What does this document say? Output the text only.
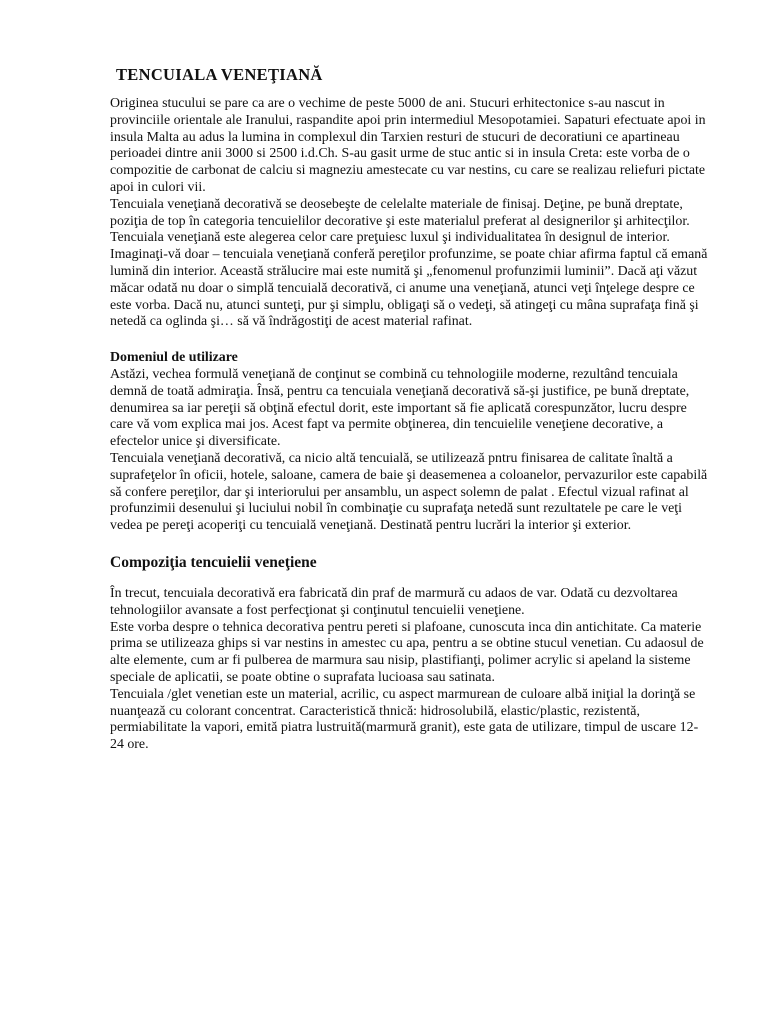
TENCUIALA VENEŢIANĂ

Originea stucului se pare ca are o vechime de peste 5000 de ani. Stucuri erhitectonice s-au nascut in provinciile orientale ale Iranului, raspandite apoi prin intermediul Mesopotamiei. Sapaturi efectuate apoi in insula Malta au adus la lumina in complexul din Tarxien resturi de stucuri de decoratiuni ce apartineau perioadei dintre anii 3000 si 2500 i.d.Ch. S-au gasit urme de stuc antic si in insula Creta: este vorba de o compozitie de carbonat de calciu si magneziu amestecate cu var nestins, cu care se realizau reliefuri pictate apoi in culori vii.

Tencuiala veneţiană decorativă se deosebeşte de celelalte materiale de finisaj. Deţine, pe bună dreptate, poziţia de top în categoria tencuielilor decorative şi este materialul preferat al designerilor şi arhitecţilor. Tencuiala veneţiană este alegerea celor care preţuiesc luxul şi individualitatea în designul de interior.

Imaginaţi-vă doar – tencuiala veneţiană conferă pereţilor profunzime, se poate chiar afirma faptul că emană lumină din interior. Această strălucire mai este numită şi „fenomenul profunzimii luminii”. Dacă aţi văzut măcar odată nu doar o simplă tencuială decorativă, ci anume una veneţiană, atunci veţi înţelege despre ce este vorba. Dacă nu, atunci sunteţi, pur şi simplu, obligaţi să o vedeţi, să atingeţi cu mâna suprafaţa fină şi netedă ca oglinda şi… să vă îndrăgostiţi de acest material rafinat.

Domeniul de utilizare

Astăzi, vechea formulă veneţiană de conţinut se combină cu tehnologiile moderne, rezultând tencuiala demnă de toată admiraţia. Însă, pentru ca tencuiala veneţiană decorativă să-şi justifice, pe bună dreptate, denumirea sa iar pereţii să obţină efectul dorit, este important să fie aplicată corespunzător, lucru despre care vă vom explica mai jos. Acest fapt va permite obţinerea, din tencuielile veneţiene decorative, a efectelor unice şi diversificate.

Tencuiala veneţiană decorativă, ca nicio altă tencuială, se utilizează pntru finisarea de calitate înaltă a suprafeţelor în oficii, hotele, saloane, camera de baie şi deasemenea a coloanelor, pervazurilor este capabilă să confere pereţilor, dar şi interiorului per ansamblu, un aspect solemn de palat . Efectul vizual rafinat al profunzimii desenului şi luciului nobil în combinaţie cu suprafaţa netedă sunt rezultatele pe care le veţi vedea pe pereţi acoperiţi cu tencuială veneţiană. Destinată pentru lucrări la interior şi exterior.

Compoziţia tencuielii veneţiene

În trecut, tencuiala decorativă era fabricată din praf de marmură cu adaos de var. Odată cu dezvoltarea tehnologiilor avansate a fost perfecţionat şi conţinutul tencuielii veneţiene.

Este vorba despre o tehnica decorativa pentru pereti si plafoane, cunoscuta inca din antichitate. Ca materie prima se utilizeaza ghips si var nestins in amestec cu apa, pentru a se obtine stucul venetian. Cu adaosul de alte elemente, cum ar fi pulberea de marmura sau nisip, plastifianţi, polimer acrylic si apeland la sisteme speciale de aplicatii, se poate obtine o suprafata lucioasa sau satinata.

Tencuiala /glet venetian este un material, acrilic, cu aspect marmurean de culoare albă iniţial la dorinţă se nuanţează cu colorant concentrat. Caracteristică thnică: hidrosolubilă, elastic/plastic, rezistentă, permiabilitate la vapori, emită piatra lustruită(marmură granit), este gata de utilizare, timpul de uscare 12-24 ore.
